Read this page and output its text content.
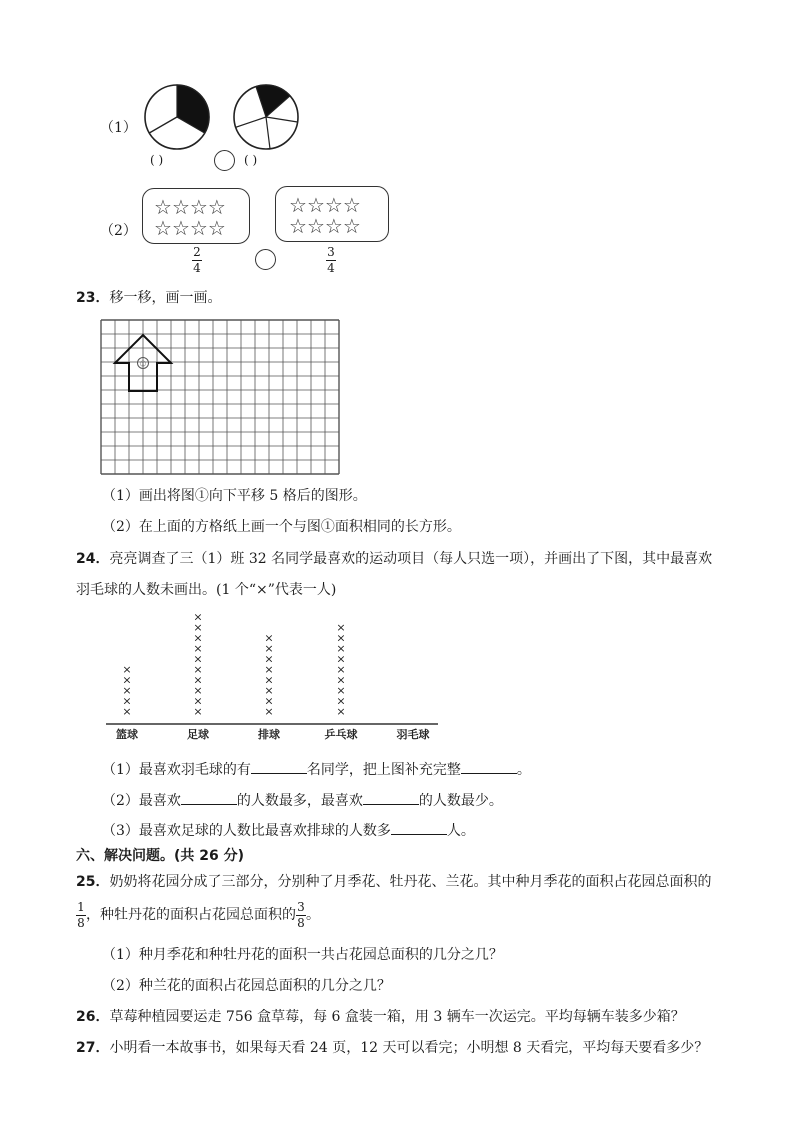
（1）
( )	( )
（2）
☆☆☆☆
☆☆☆☆
☆☆☆☆
☆☆☆☆
2
4
3
4
23．移一移，画一画。
①
（1）画出将图①向下平移 5 格后的图形。
（2）在上面的方格纸上画一个与图①面积相同的长方形。
24．亮亮调查了三（1）班 32 名同学最喜欢的运动项目（每人只选一项），并画出了下图，其中最喜欢
羽毛球的人数未画出。(1 个“×”代表一人)
×
×
×
×
×
×
×
×
×
×
×
×
×
×
×
×
×
×
×
×
×
×
×
×
×
×
×
×
×
×
×
×
篮球	足球	排球	乒乓球	羽毛球
（1）最喜欢羽毛球的有	名同学，把上图补充完整	。
（2）最喜欢	的人数最多，最喜欢	的人数最少。
（3）最喜欢足球的人数比最喜欢排球的人数多	人。
六、解决问题。(共 26 分)
25．奶奶将花园分成了三部分，分别种了月季花、牡丹花、兰花。其中种月季花的面积占花园总面积的
$\frac{1}{8}$ ，种牡丹花的面积占花园总面积的 $\frac{3}{8}$ 。
（1）种月季花和种牡丹花的面积一共占花园总面积的几分之几？
（2）种兰花的面积占花园总面积的几分之几？
26．草莓种植园要运走 756 盒草莓，每 6 盒装一箱，用 3 辆车一次运完。平均每辆车装多少箱？
27．小明看一本故事书，如果每天看 24 页，12 天可以看完；小明想 8 天看完，平均每天要看多少？
